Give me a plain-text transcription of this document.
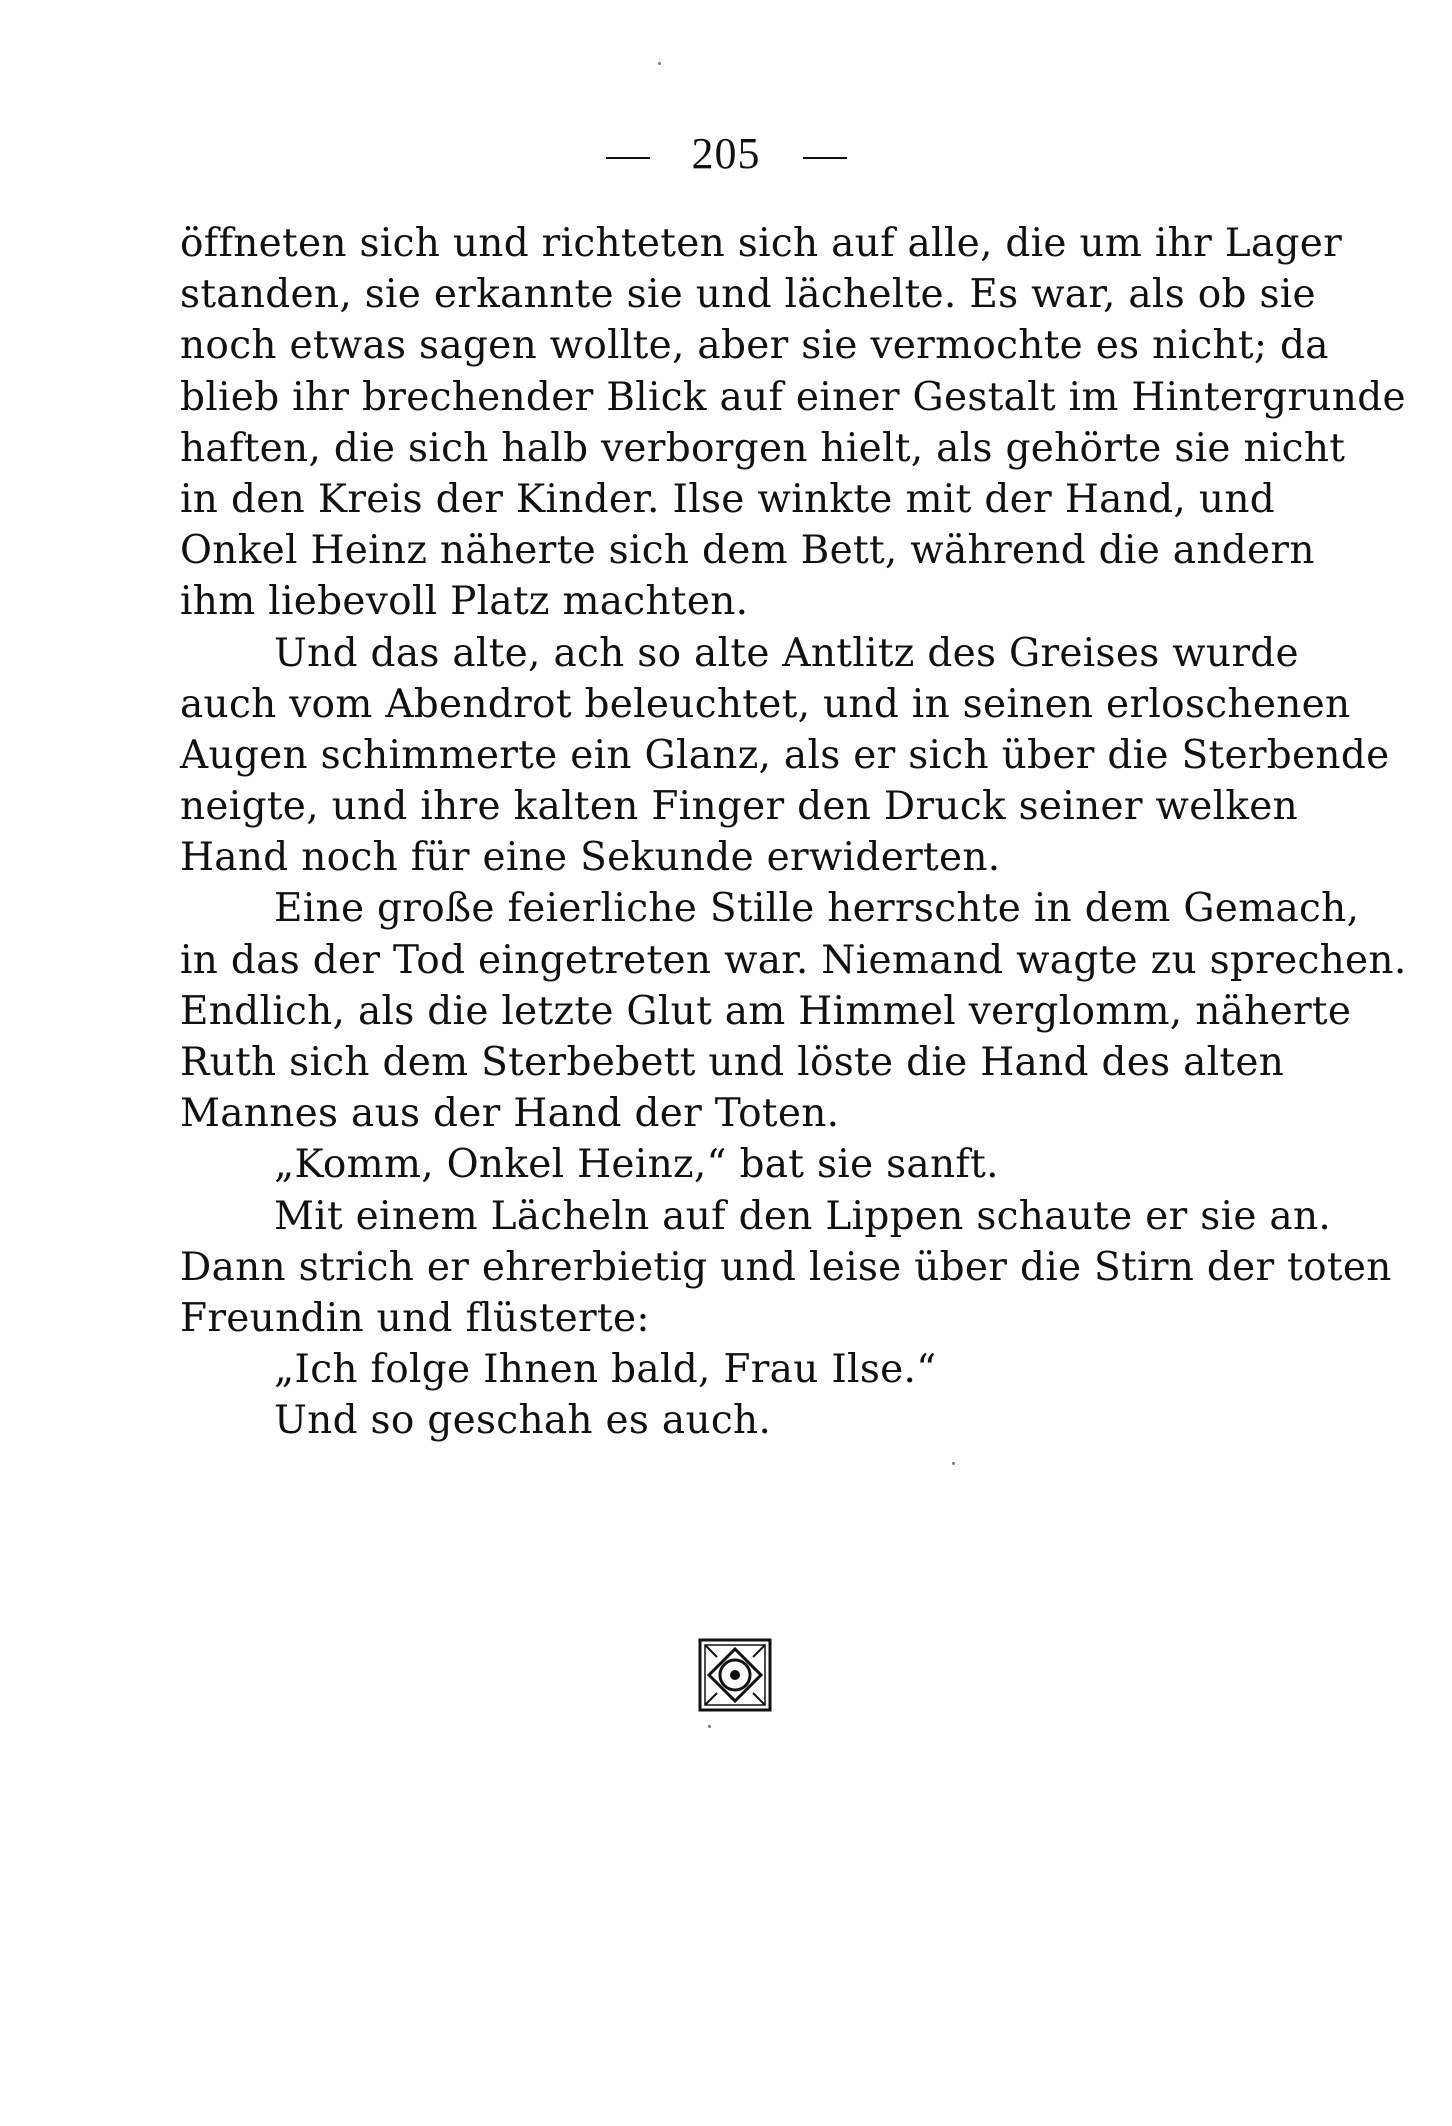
205
öffneten sich und richteten sich auf alle, die um ihr Lager
standen, sie erkannte sie und lächelte. Es war, als ob sie
noch etwas sagen wollte, aber sie vermochte es nicht; da
blieb ihr brechender Blick auf einer Gestalt im Hintergrunde
haften, die sich halb verborgen hielt, als gehörte sie nicht
in den Kreis der Kinder. Ilse winkte mit der Hand, und
Onkel Heinz näherte sich dem Bett, während die andern
ihm liebevoll Platz machten.
Und das alte, ach so alte Antlitz des Greises wurde
auch vom Abendrot beleuchtet, und in seinen erloschenen
Augen schimmerte ein Glanz, als er sich über die Sterbende
neigte, und ihre kalten Finger den Druck seiner welken
Hand noch für eine Sekunde erwiderten.
Eine große feierliche Stille herrschte in dem Gemach,
in das der Tod eingetreten war. Niemand wagte zu sprechen.
Endlich, als die letzte Glut am Himmel verglomm, näherte
Ruth sich dem Sterbebett und löste die Hand des alten
Mannes aus der Hand der Toten.
„Komm, Onkel Heinz,“ bat sie sanft.
Mit einem Lächeln auf den Lippen schaute er sie an.
Dann strich er ehrerbietig und leise über die Stirn der toten
Freundin und flüsterte:
„Ich folge Ihnen bald, Frau Ilse.“
Und so geschah es auch.
